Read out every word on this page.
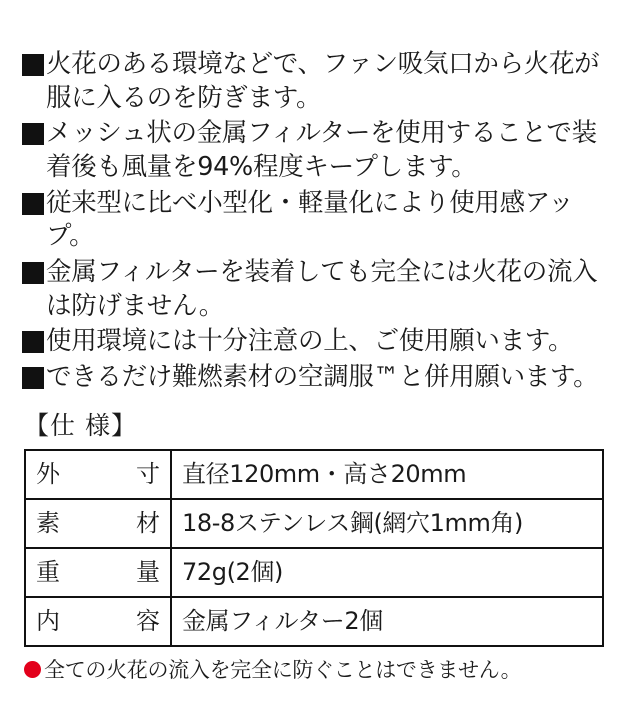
火花のある環境などで、ファン吸気口から火花が服に入るのを防ぎます。
メッシュ状の金属フィルターを使用することで装着後も風量を94%程度キープします。
従来型に比べ小型化・軽量化により使用感アップ。
金属フィルターを装着しても完全には火花の流入は防げません。
使用環境には十分注意の上、ご使用願います。
できるだけ難燃素材の空調服™と併用願います。
【仕 様】
外寸	直径120mm・高さ20mm
素材	18-8ステンレス鋼(網穴1mm角)
重量	72g(2個)
内容	金属フィルター2個
全ての火花の流入を完全に防ぐことはできません。
